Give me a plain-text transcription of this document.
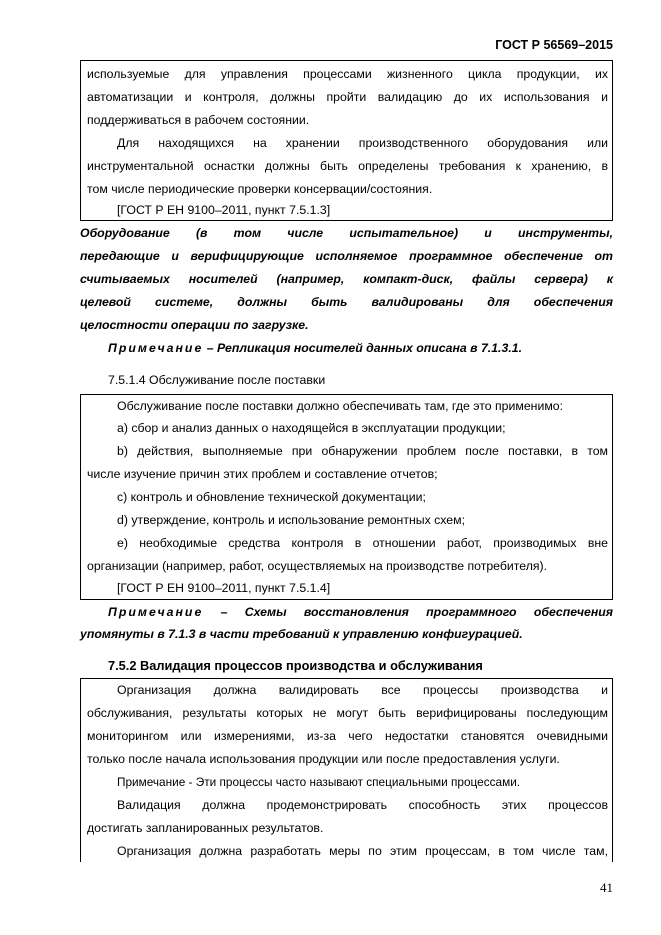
ГОСТ Р 56569–2015
используемые для управления процессами жизненного цикла продукции, их
автоматизации и контроля, должны пройти валидацию до их использования и
поддерживаться в рабочем состоянии.
Для находящихся на хранении производственного оборудования или
инструментальной оснастки должны быть определены требования к хранению, в
том числе периодические проверки консервации/состояния.
[ГОСТ Р ЕН 9100–2011, пункт 7.5.1.3]
Оборудование (в том числе испытательное) и инструменты,
передающие и верифицирующие исполняемое программное обеспечение от
считываемых носителей (например, компакт-диск, файлы сервера) к
целевой системе, должны быть валидированы для обеспечения
целостности операции по загрузке.
Примечание – Репликация носителей данных описана в 7.1.3.1.
7.5.1.4 Обслуживание после поставки
Обслуживание после поставки должно обеспечивать там, где это применимо:
a) сбор и анализ данных о находящейся в эксплуатации продукции;
b) действия, выполняемые при обнаружении проблем после поставки, в том
числе изучение причин этих проблем и составление отчетов;
c) контроль и обновление технической документации;
d) утверждение, контроль и использование ремонтных схем;
e) необходимые средства контроля в отношении работ, производимых вне
организации (например, работ, осуществляемых на производстве потребителя).
[ГОСТ Р ЕН 9100–2011, пункт 7.5.1.4]
Примечание – Схемы восстановления программного обеспечения
упомянуты в 7.1.3 в части требований к управлению конфигурацией.
7.5.2 Валидация процессов производства и обслуживания
Организация должна валидировать все процессы производства и
обслуживания, результаты которых не могут быть верифицированы последующим
мониторингом или измерениями, из-за чего недостатки становятся очевидными
только после начала использования продукции или после предоставления услуги.
Примечание - Эти процессы часто называют специальными процессами.
Валидация должна продемонстрировать способность этих процессов
достигать запланированных результатов.
Организация должна разработать меры по этим процессам, в том числе там,
41
